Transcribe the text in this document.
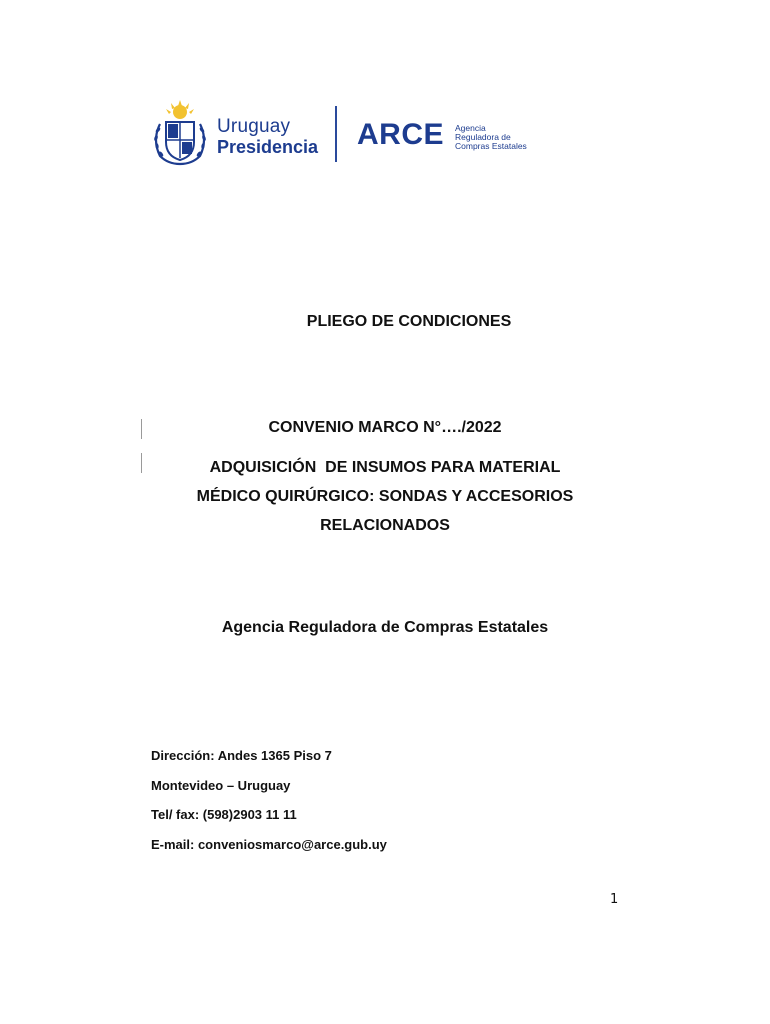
Uruguay
Presidencia ARCE Agencia
Reguladora de
Compras Estatales
PLIEGO DE CONDICIONES
CONVENIO MARCO N°…./2022
ADQUISICIÓN  DE INSUMOS PARA MATERIAL
MÉDICO QUIRÚRGICO: SONDAS Y ACCESORIOS
RELACIONADOS
Agencia Reguladora de Compras Estatales
Dirección: Andes 1365 Piso 7
Montevideo – Uruguay
Tel/ fax: (598)2903 11 11
E-mail: conveniosmarco@arce.gub.uy
1
